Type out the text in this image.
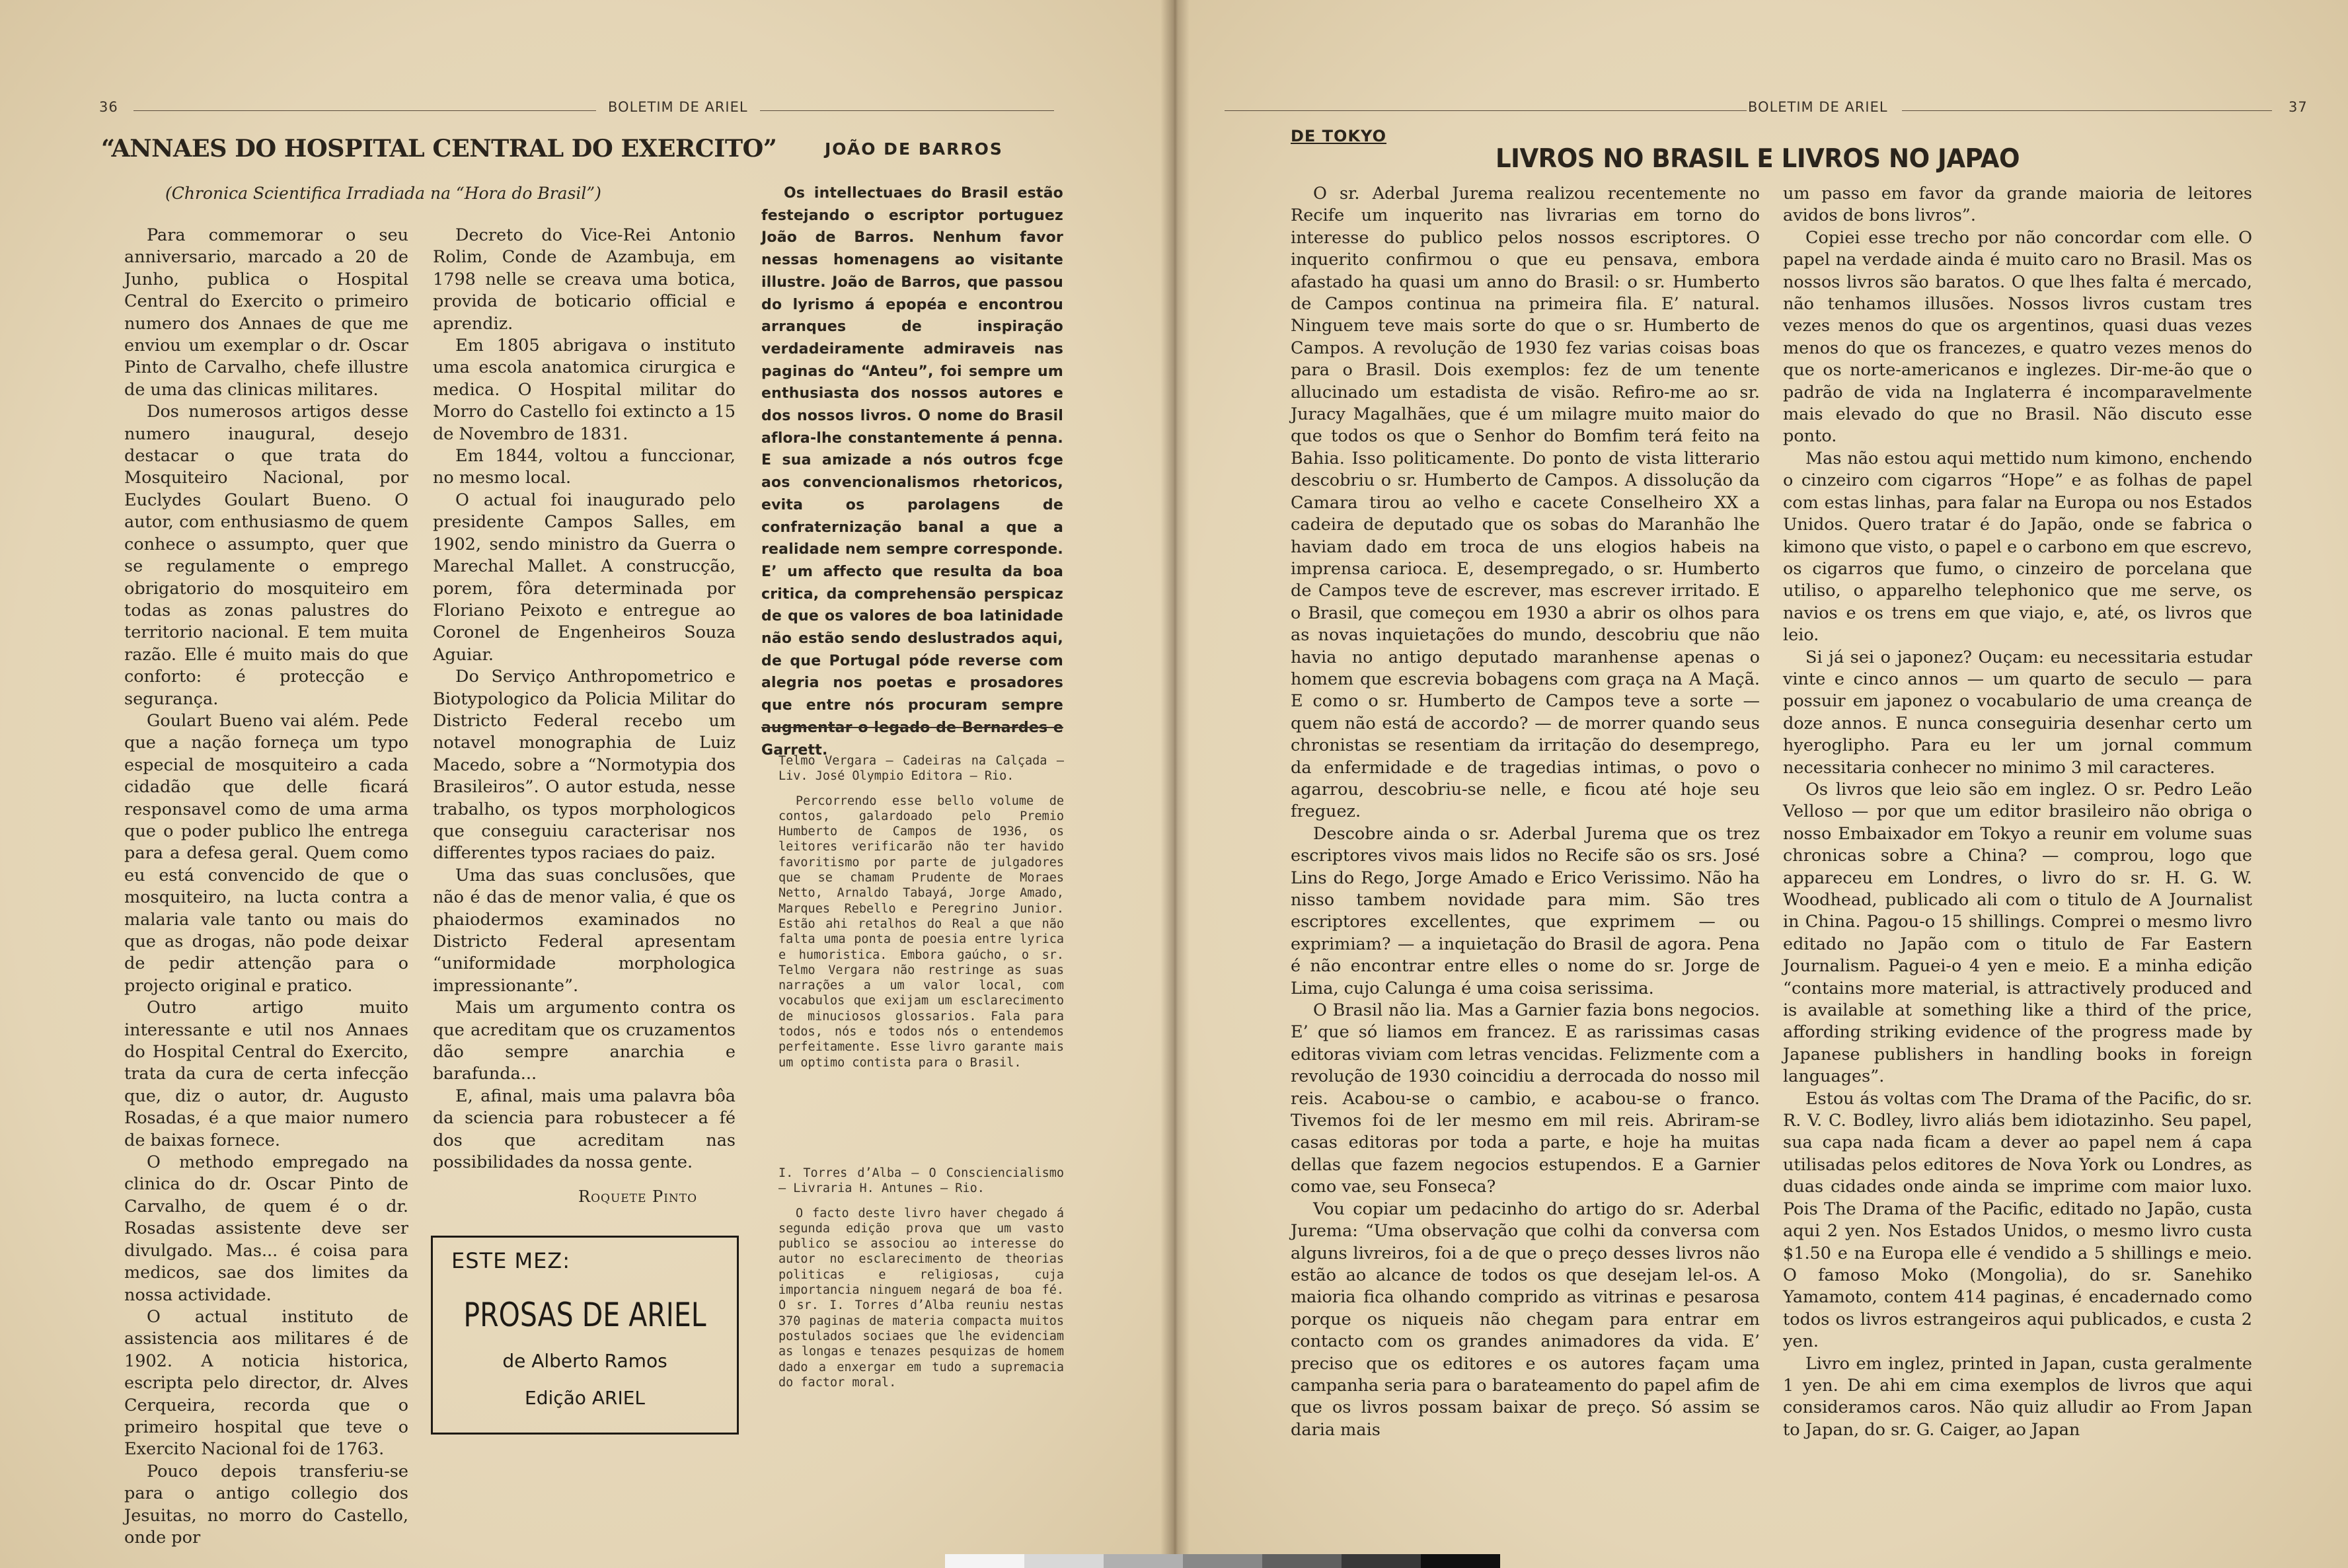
36	BOLETIM DE ARIEL
“ANNAES DO HOSPITAL CENTRAL DO EXERCITO”
(Chronica Scientifica Irradiada na “Hora do Brasil”)

Para commemorar o seu anniversario, marcado a 20 de Junho, publica o Hospital Central do Exercito o primeiro numero dos Annaes de que me enviou um exemplar o dr. Oscar Pinto de Carvalho, chefe illustre de uma das clinicas militares.

Dos numerosos artigos desse numero inaugural, desejo destacar o que trata do Mosquiteiro Nacional, por Euclydes Goulart Bueno. O autor, com enthusiasmo de quem conhece o assumpto, quer que se regulamente o emprego obrigatorio do mosquiteiro em todas as zonas palustres do territorio nacional. E tem muita razão. Elle é muito mais do que conforto: é protecção e segurança.

Goulart Bueno vai além. Pede que a nação forneça um typo especial de mosquiteiro a cada cidadão que delle ficará responsavel como de uma arma que o poder publico lhe entrega para a defesa geral. Quem como eu está convencido de que o mosquiteiro, na lucta contra a malaria vale tanto ou mais do que as drogas, não pode deixar de pedir attenção para o projecto original e pratico.

Outro artigo muito interessante e util nos Annaes do Hospital Central do Exercito, trata da cura de certa infecção que, diz o autor, dr. Augusto Rosadas, é a que maior numero de baixas fornece.

O methodo empregado na clinica do dr. Oscar Pinto de Carvalho, de quem é o dr. Rosadas assistente deve ser divulgado. Mas... é coisa para medicos, sae dos limites da nossa actividade.

O actual instituto de assistencia aos militares é de 1902. A noticia historica, escripta pelo director, dr. Alves Cerqueira, recorda que o primeiro hospital que teve o Exercito Nacional foi de 1763.

Pouco depois transferiu-se para o antigo collegio dos Jesuitas, no morro do Castello, onde por

Decreto do Vice-Rei Antonio Rolim, Conde de Azambuja, em 1798 nelle se creava uma botica, provida de boticario official e aprendiz.

Em 1805 abrigava o instituto uma escola anatomica cirurgica e medica. O Hospital militar do Morro do Castello foi extincto a 15 de Novembro de 1831.

Em 1844, voltou a funccionar, no mesmo local.

O actual foi inaugurado pelo presidente Campos Salles, em 1902, sendo ministro da Guerra o Marechal Mallet. A construcção, porem, fôra determinada por Floriano Peixoto e entregue ao Coronel de Engenheiros Souza Aguiar.

Do Serviço Anthropometrico e Biotypologico da Policia Militar do Districto Federal recebo um notavel monographia de Luiz Macedo, sobre a “Normotypia dos Brasileiros”. O autor estuda, nesse trabalho, os typos morphologicos que conseguiu caracterisar nos differentes typos raciaes do paiz.

Uma das suas conclusões, que não é das de menor valia, é que os phaiodermos examinados no Districto Federal apresentam “uniformidade morphologica impressionante”.

Mais um argumento contra os que acreditam que os cruzamentos dão sempre anarchia e barafunda...

E, afinal, mais uma palavra bôa da sciencia para robustecer a fé dos que acreditam nas possibilidades da nossa gente.

Roquete Pinto
ESTE MEZ:
PROSAS DE ARIEL
de Alberto Ramos
Edição ARIEL
JOÃO DE BARROS
Os intellectuaes do Brasil estão festejando o escriptor portuguez João de Barros. Nenhum favor nessas homenagens ao visitante illustre. João de Barros, que passou do lyrismo á epopéa e encontrou arranques de inspiração verdadeiramente admiraveis nas paginas do “Anteu”, foi sempre um enthusiasta dos nossos autores e dos nossos livros. O nome do Brasil aflora-lhe constantemente á penna. E sua amizade a nós outros fcge aos convencionalismos rhetoricos, evita os parolagens de confraternização banal a que a realidade nem sempre corresponde. E’ um affecto que resulta da boa critica, da comprehensão perspicaz de que os valores de boa latinidade não estão sendo deslustrados aqui, de que Portugal póde reverse com alegria nos poetas e prosadores que entre nós procuram sempre augmentar o legado de Bernardes e Garrett.

Telmo Vergara — Cadeiras na Calçada — Liv. José Olympio Editora — Rio.

Percorrendo esse bello volume de contos, galardoado pelo Premio Humberto de Campos de 1936, os leitores verificarão não ter havido favoritismo por parte de julgadores que se chamam Prudente de Moraes Netto, Arnaldo Tabayá, Jorge Amado, Marques Rebello e Peregrino Junior. Estão ahi retalhos do Real a que não falta uma ponta de poesia entre lyrica e humoristica. Embora gaúcho, o sr. Telmo Vergara não restringe as suas narrações a um valor local, com vocabulos que exijam um esclarecimento de minuciosos glossarios. Fala para todos, nós e todos nós o entendemos perfeitamente. Esse livro garante mais um optimo contista para o Brasil.

I. Torres d’Alba — O Consciencialismo — Livraria H. Antunes — Rio.

O facto deste livro haver chegado á segunda edição prova que um vasto publico se associou ao interesse do autor no esclarecimento de theorias politicas e religiosas, cuja importancia ninguem negará de boa fé. O sr. I. Torres d’Alba reuniu nestas 370 paginas de materia compacta muitos postulados sociaes que lhe evidenciam as longas e tenazes pesquizas de homem dado a enxergar em tudo a supremacia do factor moral.

BOLETIM DE ARIEL	37
DE TOKYO
LIVROS NO BRASIL E LIVROS NO JAPAO

O sr. Aderbal Jurema realizou recentemente no Recife um inquerito nas livrarias em torno do interesse do publico pelos nossos escriptores. O inquerito confirmou o que eu pensava, embora afastado ha quasi um anno do Brasil: o sr. Humberto de Campos continua na primeira fila. E’ natural. Ninguem teve mais sorte do que o sr. Humberto de Campos. A revolução de 1930 fez varias coisas boas para o Brasil. Dois exemplos: fez de um tenente allucinado um estadista de visão. Refiro-me ao sr. Juracy Magalhães, que é um milagre muito maior do que todos os que o Senhor do Bomfim terá feito na Bahia. Isso politicamente. Do ponto de vista litterario descobriu o sr. Humberto de Campos. A dissolução da Camara tirou ao velho e cacete Conselheiro XX a cadeira de deputado que os sobas do Maranhão lhe haviam dado em troca de uns elogios habeis na imprensa carioca. E, desempregado, o sr. Humberto de Campos teve de escrever, mas escrever irritado. E o Brasil, que começou em 1930 a abrir os olhos para as novas inquietações do mundo, descobriu que não havia no antigo deputado maranhense apenas o homem que escrevia bobagens com graça na A Maçã. E como o sr. Humberto de Campos teve a sorte — quem não está de accordo? — de morrer quando seus chronistas se resentiam da irritação do desemprego, da enfermidade e de tragedias intimas, o povo o agarrou, descobriu-se nelle, e ficou até hoje seu freguez.

Descobre ainda o sr. Aderbal Jurema que os trez escriptores vivos mais lidos no Recife são os srs. José Lins do Rego, Jorge Amado e Erico Verissimo. Não ha nisso tambem novidade para mim. São tres escriptores excellentes, que exprimem — ou exprimiam? — a inquietação do Brasil de agora. Pena é não encontrar entre elles o nome do sr. Jorge de Lima, cujo Calunga é uma coisa serissima.

O Brasil não lia. Mas a Garnier fazia bons negocios. E’ que só liamos em francez. E as rarissimas casas editoras viviam com letras vencidas. Felizmente com a revolução de 1930 coincidiu a derrocada do nosso mil reis. Acabou-se o cambio, e acabou-se o franco. Tivemos foi de ler mesmo em mil reis. Abriram-se casas editoras por toda a parte, e hoje ha muitas dellas que fazem negocios estupendos. E a Garnier como vae, seu Fonseca?

Vou copiar um pedacinho do artigo do sr. Aderbal Jurema: “Uma observação que colhi da conversa com alguns livreiros, foi a de que o preço desses livros não estão ao alcance de todos os que desejam lel-os. A maioria fica olhando comprido as vitrinas e pesarosa porque os niqueis não chegam para entrar em contacto com os grandes animadores da vida. E’ preciso que os editores e os autores façam uma campanha seria para o barateamento do papel afim de que os livros possam baixar de preço. Só assim se daria mais

um passo em favor da grande maioria de leitores avidos de bons livros”.

Copiei esse trecho por não concordar com elle. O papel na verdade ainda é muito caro no Brasil. Mas os nossos livros são baratos. O que lhes falta é mercado, não tenhamos illusões. Nossos livros custam tres vezes menos do que os argentinos, quasi duas vezes menos do que os francezes, e quatro vezes menos do que os norte-americanos e inglezes. Dir-me-ão que o padrão de vida na Inglaterra é incomparavelmente mais elevado do que no Brasil. Não discuto esse ponto.

Mas não estou aqui mettido num kimono, enchendo o cinzeiro com cigarros “Hope” e as folhas de papel com estas linhas, para falar na Europa ou nos Estados Unidos. Quero tratar é do Japão, onde se fabrica o kimono que visto, o papel e o carbono em que escrevo, os cigarros que fumo, o cinzeiro de porcelana que utiliso, o apparelho telephonico que me serve, os navios e os trens em que viajo, e, até, os livros que leio.

Si já sei o japonez? Ouçam: eu necessitaria estudar vinte e cinco annos — um quarto de seculo — para possuir em japonez o vocabulario de uma creança de doze annos. E nunca conseguiria desenhar certo um hyeroglipho. Para eu ler um jornal commum necessitaria conhecer no minimo 3 mil caracteres.

Os livros que leio são em inglez. O sr. Pedro Leão Velloso — por que um editor brasileiro não obriga o nosso Embaixador em Tokyo a reunir em volume suas chronicas sobre a China? — comprou, logo que appareceu em Londres, o livro do sr. H. G. W. Woodhead, publicado ali com o titulo de A Journalist in China. Pagou-o 15 shillings. Comprei o mesmo livro editado no Japão com o titulo de Far Eastern Journalism. Paguei-o 4 yen e meio. E a minha edição “contains more material, is attractively produced and is available at something like a third of the price, affording striking evidence of the progress made by Japanese publishers in handling books in foreign languages”.

Estou ás voltas com The Drama of the Pacific, do sr. R. V. C. Bodley, livro aliás bem idiotazinho. Seu papel, sua capa nada ficam a dever ao papel nem á capa utilisadas pelos editores de Nova York ou Londres, as duas cidades onde ainda se imprime com maior luxo. Pois The Drama of the Pacific, editado no Japão, custa aqui 2 yen. Nos Estados Unidos, o mesmo livro custa $1.50 e na Europa elle é vendido a 5 shillings e meio. O famoso Moko (Mongolia), do sr. Sanehiko Yamamoto, contem 414 paginas, é encadernado como todos os livros estrangeiros aqui publicados, e custa 2 yen.

Livro em inglez, printed in Japan, custa geralmente 1 yen. De ahi em cima exemplos de livros que aqui consideramos caros. Não quiz alludir ao From Japan to Japan, do sr. G. Caiger, ao Japan
